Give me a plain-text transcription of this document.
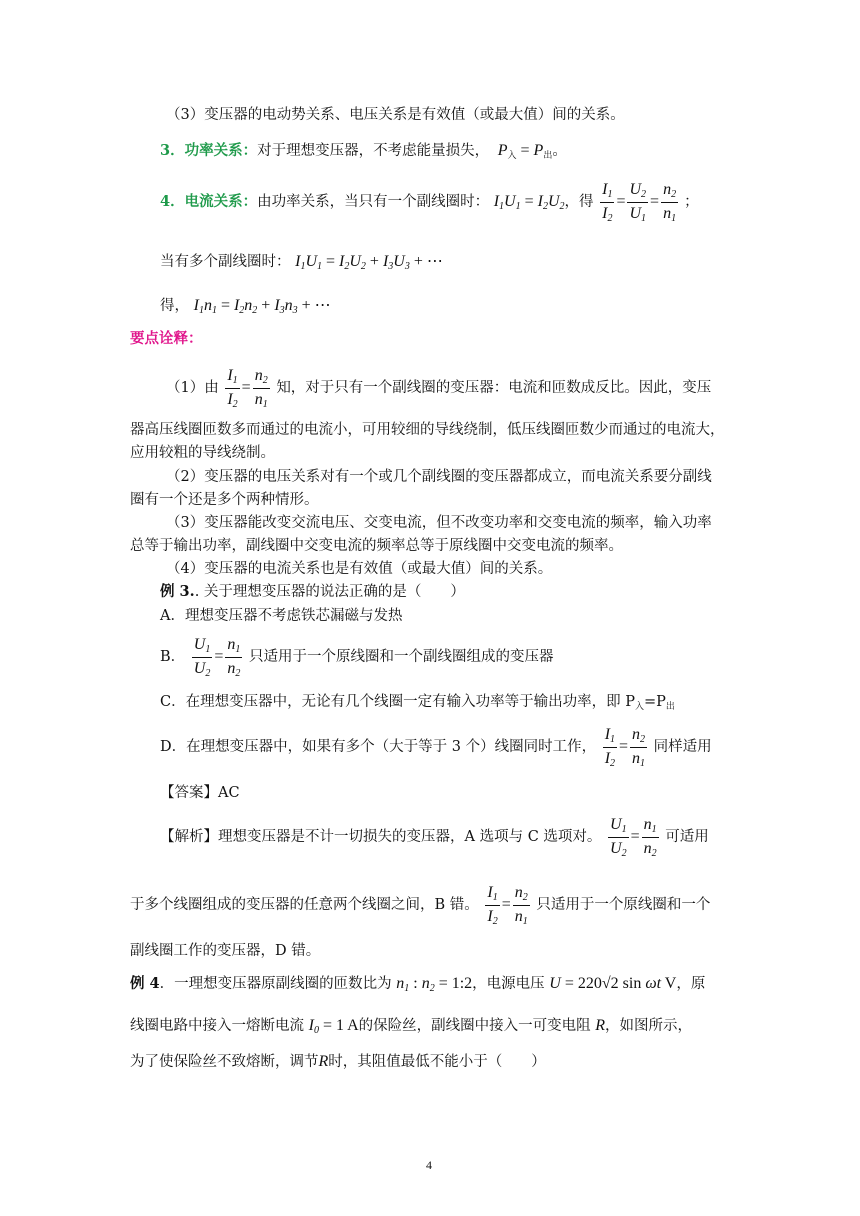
（3）变压器的电动势关系、电压关系是有效值（或最大值）间的关系。
3．功率关系：对于理想变压器，不考虑能量损失，  $P_入 = P_出$。
4．电流关系：由功率关系，当只有一个副线圈时： $I_1U_1 = I_2U_2$，得 $\frac{I_1}{I_2} = \frac{U_2}{U_1} = \frac{n_2}{n_1}$ ；
当有多个副线圈时： $I_1U_1 = I_2U_2 + I_3U_3$ + ⋯
得， $I_1n_1 = I_2n_2 + I_3n_3$ + ⋯
要点诠释：
（1）由 $\frac{I_1}{I_2} = \frac{n_2}{n_1}$ 知，对于只有一个副线圈的变压器：电流和匝数成反比。因此，变压
器高压线圈匝数多而通过的电流小，可用较细的导线绕制，低压线圈匝数少而通过的电流大，
应用较粗的导线绕制。
（2）变压器的电压关系对有一个或几个副线圈的变压器都成立，而电流关系要分副线
圈有一个还是多个两种情形。
（3）变压器能改变交流电压、交变电流，但不改变功率和交变电流的频率，输入功率
总等于输出功率，副线圈中交变电流的频率总等于原线圈中交变电流的频率。
（4）变压器的电流关系也是有效值（或最大值）间的关系。
例 3.. 关于理想变压器的说法正确的是（　　）
A．理想变压器不考虑铁芯漏磁与发热
B． $\frac{U_1}{U_2} = \frac{n_1}{n_2}$ 只适用于一个原线圈和一个副线圈组成的变压器
C．在理想变压器中，无论有几个线圈一定有输入功率等于输出功率，即 $P_入=P_出$
D．在理想变压器中，如果有多个（大于等于 3 个）线圈同时工作， $\frac{I_1}{I_2} = \frac{n_2}{n_1}$ 同样适用
【答案】AC
【解析】理想变压器是不计一切损失的变压器，A 选项与 C 选项对。 $\frac{U_1}{U_2} = \frac{n_1}{n_2}$ 可适用
于多个线圈组成的变压器的任意两个线圈之间，B 错。 $\frac{I_1}{I_2} = \frac{n_2}{n_1}$ 只适用于一个原线圈和一个
副线圈工作的变压器，D 错。
例 4．一理想变压器原副线圈的匝数比为 $n_1$ : $n_2$ = 1:2，电源电压 U = 220√2 sin ωt V，原
线圈电路中接入一熔断电流 $I_0 = 1$ A的保险丝，副线圈中接入一可变电阻 R，如图所示，
为了使保险丝不致熔断，调节R时，其阻值最低不能小于（　　）
4
